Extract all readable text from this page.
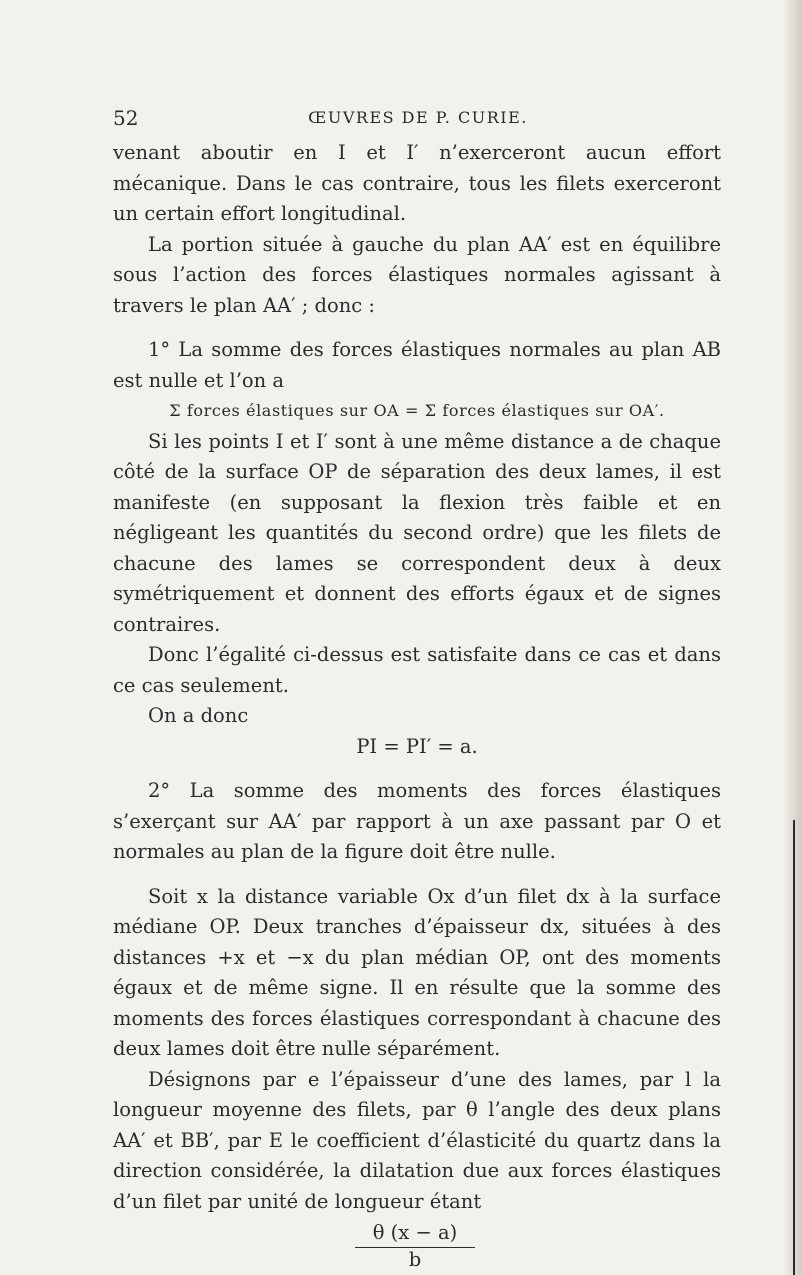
52	ŒUVRES DE P. CURIE.

venant aboutir en I et I′ n’exerceront aucun effort mécanique. Dans le cas contraire, tous les filets exerceront un certain effort longitudinal.

La portion située à gauche du plan AA′ est en équilibre sous l’action des forces élastiques normales agissant à travers le plan AA′ ; donc :

1° La somme des forces élastiques normales au plan AB est nulle et l’on a

Σ forces élastiques sur OA = Σ forces élastiques sur OA′.

Si les points I et I′ sont à une même distance a de chaque côté de la surface OP de séparation des deux lames, il est manifeste (en supposant la flexion très faible et en négligeant les quantités du second ordre) que les filets de chacune des lames se correspondent deux à deux symétriquement et donnent des efforts égaux et de signes contraires.

Donc l’égalité ci-dessus est satisfaite dans ce cas et dans ce cas seulement.

On a donc

PI = PI′ = a.

2° La somme des moments des forces élastiques s’exerçant sur AA′ par rapport à un axe passant par O et normales au plan de la figure doit être nulle.

Soit x la distance variable Ox d’un filet dx à la surface médiane OP. Deux tranches d’épaisseur dx, situées à des distances +x et −x du plan médian OP, ont des moments égaux et de même signe. Il en résulte que la somme des moments des forces élastiques correspondant à chacune des deux lames doit être nulle séparément.

Désignons par e l’épaisseur d’une des lames, par l la longueur moyenne des filets, par θ l’angle des deux plans AA′ et BB′, par E le coefficient d’élasticité du quartz dans la direction considérée, la dilatation due aux forces élastiques d’un filet par unité de longueur étant

θ (x − a)
b
